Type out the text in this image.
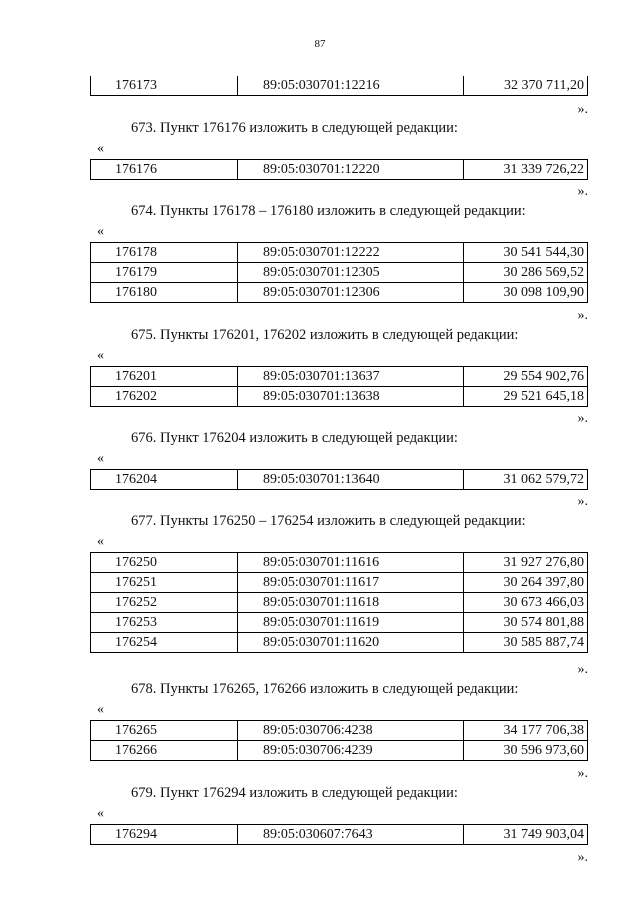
87
176173	89:05:030701:12216	32 370 711,20
».
673. Пункт 176176 изложить в следующей редакции:
«
176176	89:05:030701:12220	31 339 726,22
».
674. Пункты 176178 – 176180 изложить в следующей редакции:
«
176178	89:05:030701:12222	30 541 544,30
176179	89:05:030701:12305	30 286 569,52
176180	89:05:030701:12306	30 098 109,90
».
675. Пункты 176201, 176202 изложить в следующей редакции:
«
176201	89:05:030701:13637	29 554 902,76
176202	89:05:030701:13638	29 521 645,18
».
676. Пункт 176204 изложить в следующей редакции:
«
176204	89:05:030701:13640	31 062 579,72
».
677. Пункты 176250 – 176254 изложить в следующей редакции:
«
176250	89:05:030701:11616	31 927 276,80
176251	89:05:030701:11617	30 264 397,80
176252	89:05:030701:11618	30 673 466,03
176253	89:05:030701:11619	30 574 801,88
176254	89:05:030701:11620	30 585 887,74
».
678. Пункты 176265, 176266 изложить в следующей редакции:
«
176265	89:05:030706:4238	34 177 706,38
176266	89:05:030706:4239	30 596 973,60
».
679. Пункт 176294 изложить в следующей редакции:
«
176294	89:05:030607:7643	31 749 903,04
».
